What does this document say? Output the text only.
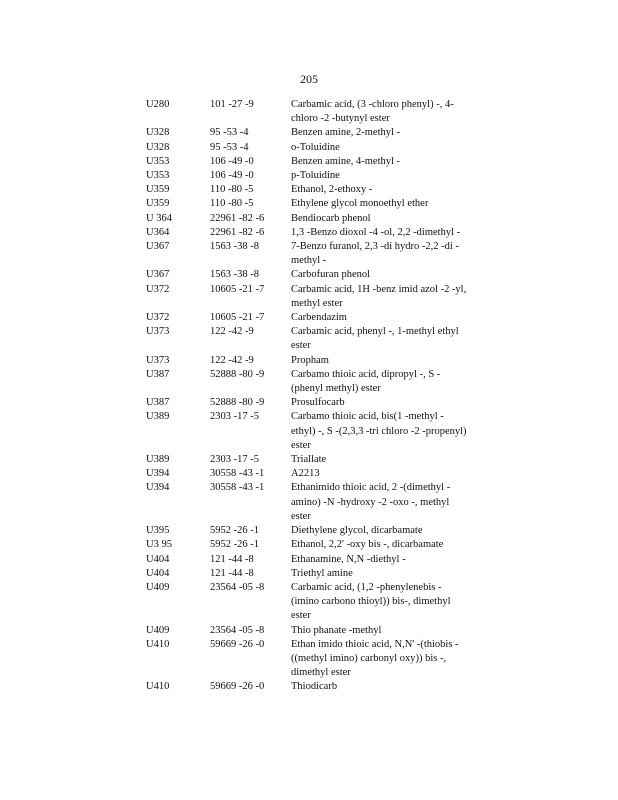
205
U280	101 -27 -9	Carbamic acid, (3 -chloro phenyl) -, 4-
chloro -2 -butynyl ester
U328	95 -53 -4	Benzen amine, 2-methyl -
U328	95 -53 -4	o-Toluidine
U353	106 -49 -0	Benzen amine, 4-methyl -
U353	106 -49 -0	p-Toluidine
U359	110 -80 -5	Ethanol, 2-ethoxy -
U359	110 -80 -5	Ethylene glycol monoethyl ether
U 364	22961 -82 -6	Bendiocarb phenol
U364	22961 -82 -6	1,3 -Benzo dioxol -4 -ol, 2,2 -dimethyl -
U367	1563 -38 -8	7-Benzo furanol, 2,3 -di hydro -2,2 -di -
methyl -
U367	1563 -38 -8	Carbofuran phenol
U372	10605 -21 -7	Carbamic acid, 1H -benz imid azol -2 -yl,
methyl ester
U372	10605 -21 -7	Carbendazim
U373	122 -42 -9	Carbamic acid, phenyl -, 1-methyl ethyl
ester
U373	122 -42 -9	Propham
U387	52888 -80 -9	Carbamo thioic acid, dipropyl -, S -
(phenyl methyl) ester
U387	52888 -80 -9	Prosulfocarb
U389	2303 -17 -5	Carbamo thioic acid, bis(1 -methyl -
ethyl) -, S -(2,3,3 -tri chloro -2 -propenyl)
ester
U389	2303 -17 -5	Triallate
U394	30558 -43 -1	A2213
U394	30558 -43 -1	Ethanimido thioic acid, 2 -(dimethyl -
amino) -N -hydroxy -2 -oxo -, methyl
ester
U395	5952 -26 -1	Diethylene glycol, dicarbamate
U3 95	5952 -26 -1	Ethanol, 2,2' -oxy bis -, dicarbamate
U404	121 -44 -8	Ethanamine, N,N -diethyl -
U404	121 -44 -8	Triethyl amine
U409	23564 -05 -8	Carbamic acid, (1,2 -phenylenebis -
(imino carbono thioyl)) bis-, dimethyl
ester
U409	23564 -05 -8	Thio phanate -methyl
U410	59669 -26 -0	Ethan imido thioic acid, N,N' -(thiobis -
((methyl imino) carbonyl oxy)) bis -,
dimethyl ester
U410	59669 -26 -0	Thiodicarb
